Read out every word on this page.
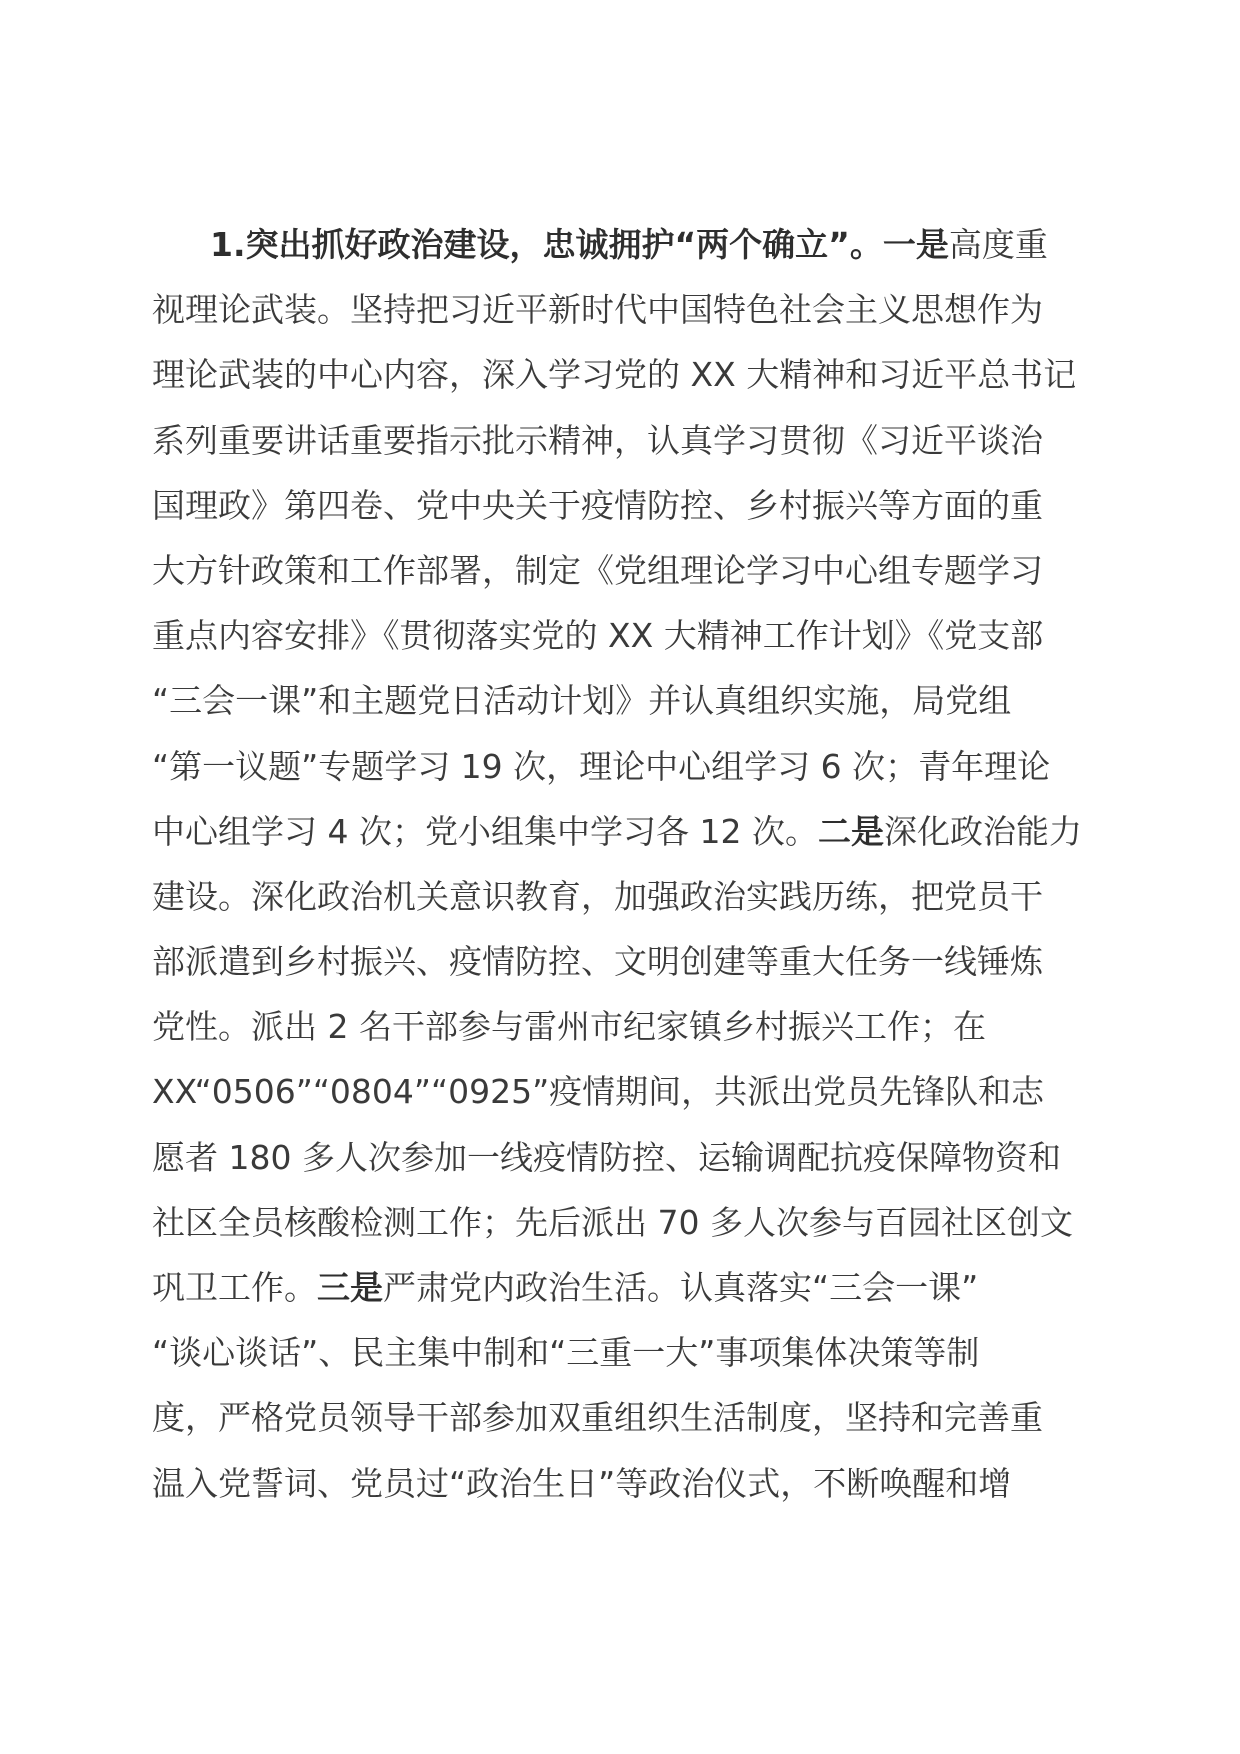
1.突出抓好政治建设，忠诚拥护“两个确立”。一是高度重
视理论武装。坚持把习近平新时代中国特色社会主义思想作为
理论武装的中心内容，深入学习党的 XX 大精神和习近平总书记
系列重要讲话重要指示批示精神，认真学习贯彻《习近平谈治
国理政》第四卷、党中央关于疫情防控、乡村振兴等方面的重
大方针政策和工作部署，制定《党组理论学习中心组专题学习
重点内容安排》《贯彻落实党的 XX 大精神工作计划》《党支部
“三会一课”和主题党日活动计划》并认真组织实施，局党组
“第一议题”专题学习 19 次，理论中心组学习 6 次；青年理论
中心组学习 4 次；党小组集中学习各 12 次。二是深化政治能力
建设。深化政治机关意识教育，加强政治实践历练，把党员干
部派遣到乡村振兴、疫情防控、文明创建等重大任务一线锤炼
党性。派出 2 名干部参与雷州市纪家镇乡村振兴工作；在
XX“0506”“0804”“0925”疫情期间，共派出党员先锋队和志
愿者 180 多人次参加一线疫情防控、运输调配抗疫保障物资和
社区全员核酸检测工作；先后派出 70 多人次参与百园社区创文
巩卫工作。三是严肃党内政治生活。认真落实“三会一课”
“谈心谈话”、民主集中制和“三重一大”事项集体决策等制
度，严格党员领导干部参加双重组织生活制度，坚持和完善重
温入党誓词、党员过“政治生日”等政治仪式，不断唤醒和增
